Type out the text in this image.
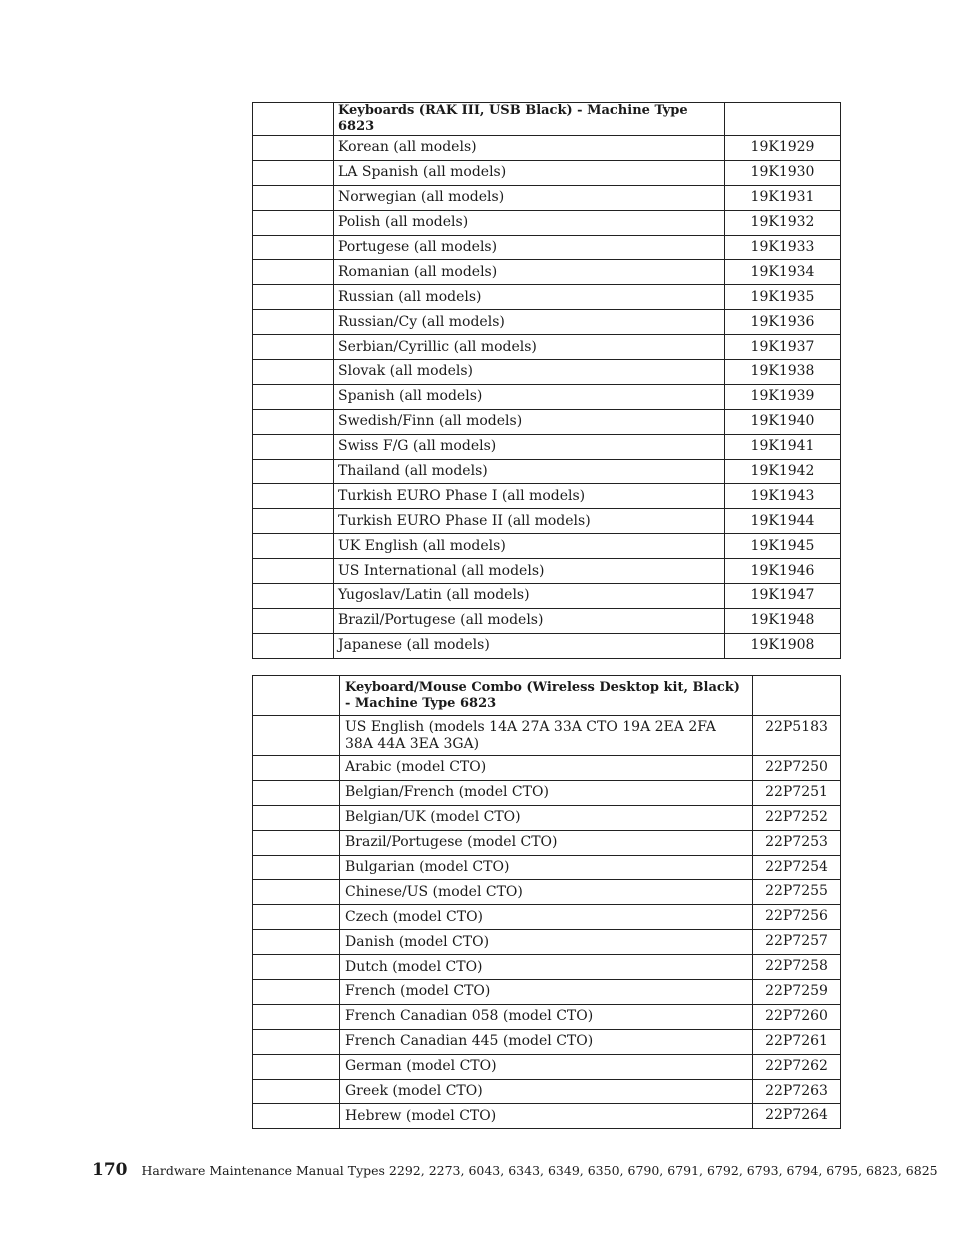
	Keyboards (RAK III, USB Black) - Machine Type 6823	
	Korean (all models)	19K1929
	LA Spanish (all models)	19K1930
	Norwegian (all models)	19K1931
	Polish (all models)	19K1932
	Portugese (all models)	19K1933
	Romanian (all models)	19K1934
	Russian (all models)	19K1935
	Russian/Cy (all models)	19K1936
	Serbian/Cyrillic (all models)	19K1937
	Slovak (all models)	19K1938
	Spanish (all models)	19K1939
	Swedish/Finn (all models)	19K1940
	Swiss F/G (all models)	19K1941
	Thailand (all models)	19K1942
	Turkish EURO Phase I (all models)	19K1943
	Turkish EURO Phase II (all models)	19K1944
	UK English (all models)	19K1945
	US International (all models)	19K1946
	Yugoslav/Latin (all models)	19K1947
	Brazil/Portugese (all models)	19K1948
	Japanese (all models)	19K1908
	Keyboard/Mouse Combo (Wireless Desktop kit, Black) - Machine Type 6823	
	US English (models 14A 27A 33A CTO 19A 2EA 2FA 38A 44A 3EA 3GA)	22P5183
	Arabic (model CTO)	22P7250
	Belgian/French (model CTO)	22P7251
	Belgian/UK (model CTO)	22P7252
	Brazil/Portugese (model CTO)	22P7253
	Bulgarian (model CTO)	22P7254
	Chinese/US (model CTO)	22P7255
	Czech (model CTO)	22P7256
	Danish (model CTO)	22P7257
	Dutch (model CTO)	22P7258
	French (model CTO)	22P7259
	French Canadian 058 (model CTO)	22P7260
	French Canadian 445 (model CTO)	22P7261
	German (model CTO)	22P7262
	Greek (model CTO)	22P7263
	Hebrew (model CTO)	22P7264
170 Hardware Maintenance Manual Types 2292, 2273, 6043, 6343, 6349, 6350, 6790, 6791, 6792, 6793, 6794, 6795, 6823, 6825
